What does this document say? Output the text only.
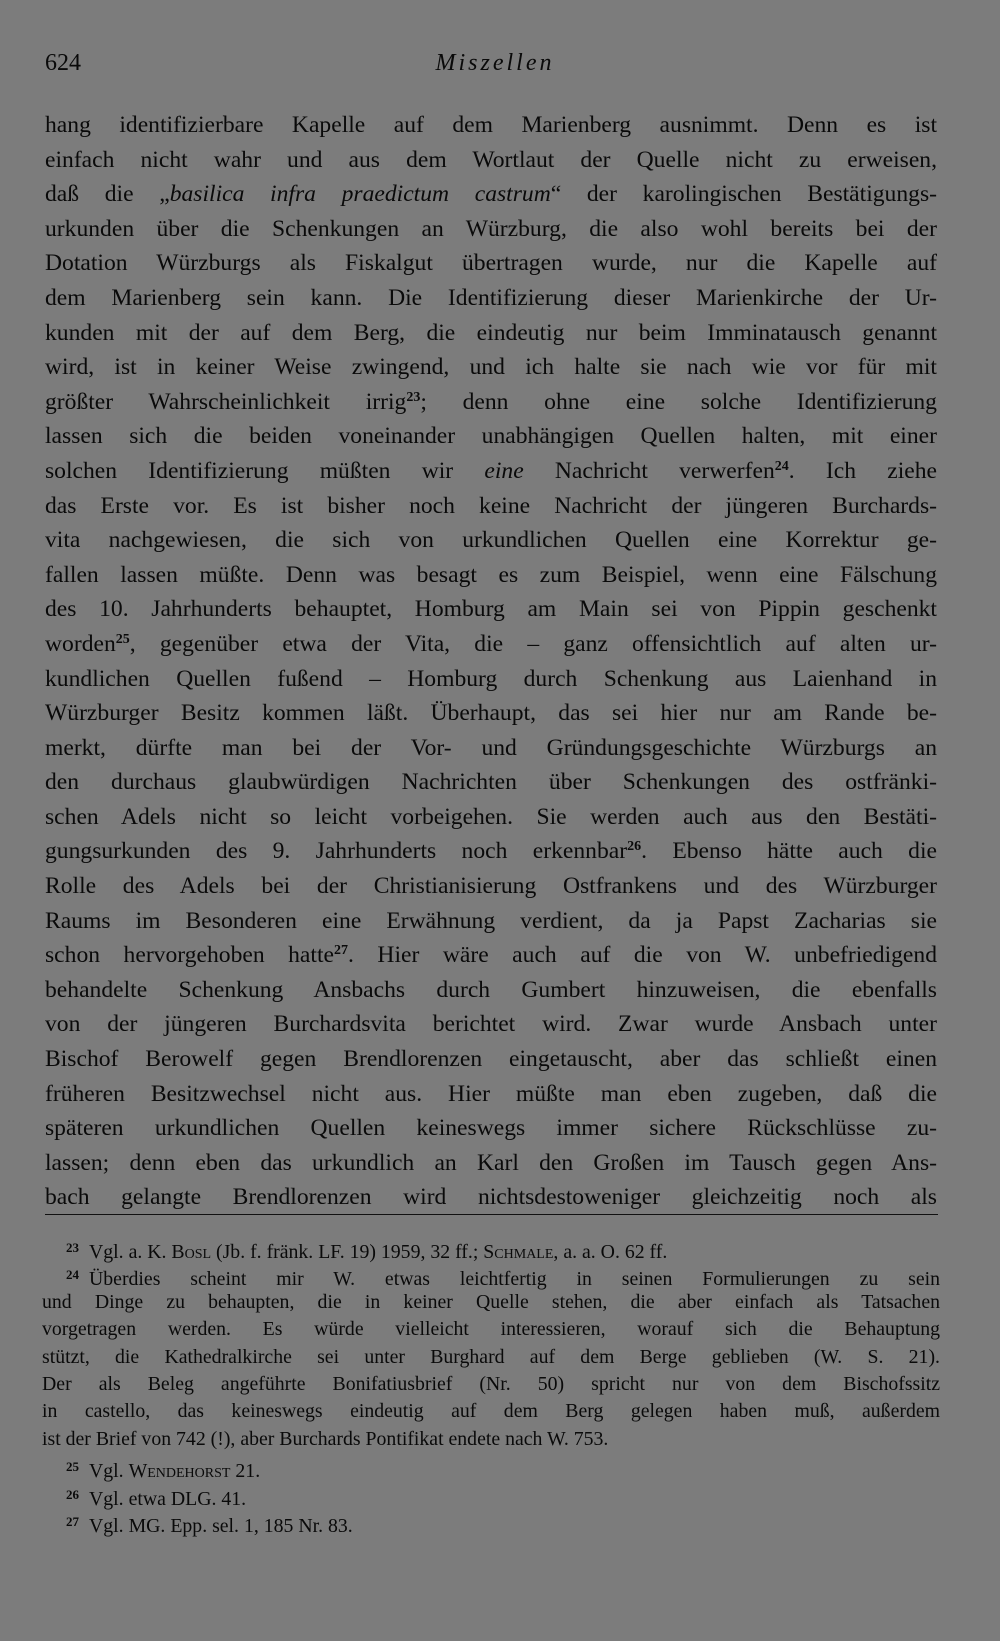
624	Miszellen
hang identifizierbare Kapelle auf dem Marienberg ausnimmt. Denn es ist
einfach nicht wahr und aus dem Wortlaut der Quelle nicht zu erweisen,
daß die „basilica infra praedictum castrum“ der karolingischen Bestätigungs-
urkunden über die Schenkungen an Würzburg, die also wohl bereits bei der
Dotation Würzburgs als Fiskalgut übertragen wurde, nur die Kapelle auf
dem Marienberg sein kann. Die Identifizierung dieser Marienkirche der Ur-
kunden mit der auf dem Berg, die eindeutig nur beim Imminatausch genannt
wird, ist in keiner Weise zwingend, und ich halte sie nach wie vor für mit
größter Wahrscheinlichkeit irrig$^{23}$; denn ohne eine solche Identifizierung
lassen sich die beiden voneinander unabhängigen Quellen halten, mit einer
solchen Identifizierung müßten wir eine Nachricht verwerfen$^{24}$. Ich ziehe
das Erste vor. Es ist bisher noch keine Nachricht der jüngeren Burchards-
vita nachgewiesen, die sich von urkundlichen Quellen eine Korrektur ge-
fallen lassen müßte. Denn was besagt es zum Beispiel, wenn eine Fälschung
des 10. Jahrhunderts behauptet, Homburg am Main sei von Pippin geschenkt
worden$^{25}$, gegenüber etwa der Vita, die – ganz offensichtlich auf alten ur-
kundlichen Quellen fußend – Homburg durch Schenkung aus Laienhand in
Würzburger Besitz kommen läßt. Überhaupt, das sei hier nur am Rande be-
merkt, dürfte man bei der Vor- und Gründungsgeschichte Würzburgs an
den durchaus glaubwürdigen Nachrichten über Schenkungen des ostfränki-
schen Adels nicht so leicht vorbeigehen. Sie werden auch aus den Bestäti-
gungsurkunden des 9. Jahrhunderts noch erkennbar$^{26}$. Ebenso hätte auch die
Rolle des Adels bei der Christianisierung Ostfrankens und des Würzburger
Raums im Besonderen eine Erwähnung verdient, da ja Papst Zacharias sie
schon hervorgehoben hatte$^{27}$. Hier wäre auch auf die von W. unbefriedigend
behandelte Schenkung Ansbachs durch Gumbert hinzuweisen, die ebenfalls
von der jüngeren Burchardsvita berichtet wird. Zwar wurde Ansbach unter
Bischof Berowelf gegen Brendlorenzen eingetauscht, aber das schließt einen
früheren Besitzwechsel nicht aus. Hier müßte man eben zugeben, daß die
späteren urkundlichen Quellen keineswegs immer sichere Rückschlüsse zu-
lassen; denn eben das urkundlich an Karl den Großen im Tausch gegen Ans-
bach gelangte Brendlorenzen wird nichtsdestoweniger gleichzeitig noch als
$^{23}$ Vgl. a. K. Bosl (Jb. f. fränk. LF. 19) 1959, 32 ff.; Schmale, a. a. O. 62 ff.
$^{24}$ Überdies scheint mir W. etwas leichtfertig in seinen Formulierungen zu sein
und Dinge zu behaupten, die in keiner Quelle stehen, die aber einfach als Tatsachen
vorgetragen werden. Es würde vielleicht interessieren, worauf sich die Behauptung
stützt, die Kathedralkirche sei unter Burghard auf dem Berge geblieben (W. S. 21).
Der als Beleg angeführte Bonifatiusbrief (Nr. 50) spricht nur von dem Bischofssitz
in castello, das keineswegs eindeutig auf dem Berg gelegen haben muß, außerdem
ist der Brief von 742 (!), aber Burchards Pontifikat endete nach W. 753.
$^{25}$ Vgl. Wendehorst 21.
$^{26}$ Vgl. etwa DLG. 41.
$^{27}$ Vgl. MG. Epp. sel. 1, 185 Nr. 83.
